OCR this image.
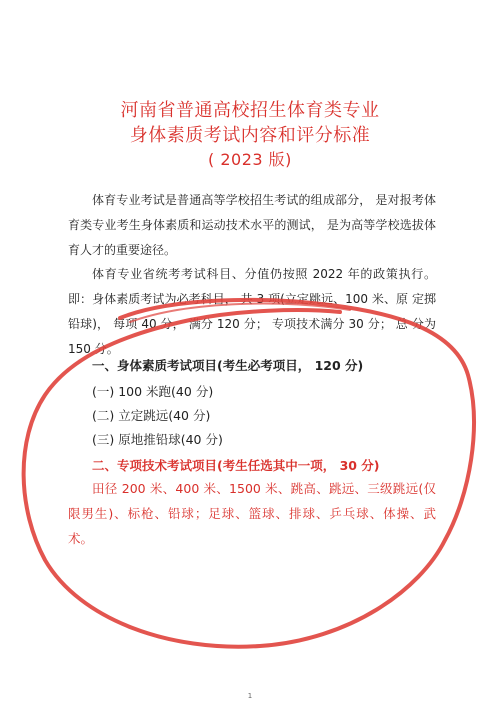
河南省普通高校招生体育类专业
身体素质考试内容和评分标准
( 2023 版)
体育专业考试是普通高等学校招生考试的组成部分， 是对报考体育类专业考生身体素质和运动技术水平的测试， 是为高等学校选拔体育人才的重要途径。
体育专业省统考考试科目、分值仍按照 2022 年的政策执行。即：身体素质考试为必考科目， 共 3 项(立定跳远、100 米、原 定掷铅球)， 每项 40 分， 满分 120 分； 专项技术满分 30 分； 总 分为 150 分。
一、身体素质考试项目(考生必考项目， 120 分)
(一) 100 米跑(40 分)
(二) 立定跳远(40 分)
(三) 原地推铅球(40 分)
二、专项技术考试项目(考生任选其中一项， 30 分)
田径 200 米、400 米、1500 米、跳高、跳远、三级跳远(仅 限男生)、标枪、铅球；足球、篮球、排球、乒乓球、体操、武 术。
1
